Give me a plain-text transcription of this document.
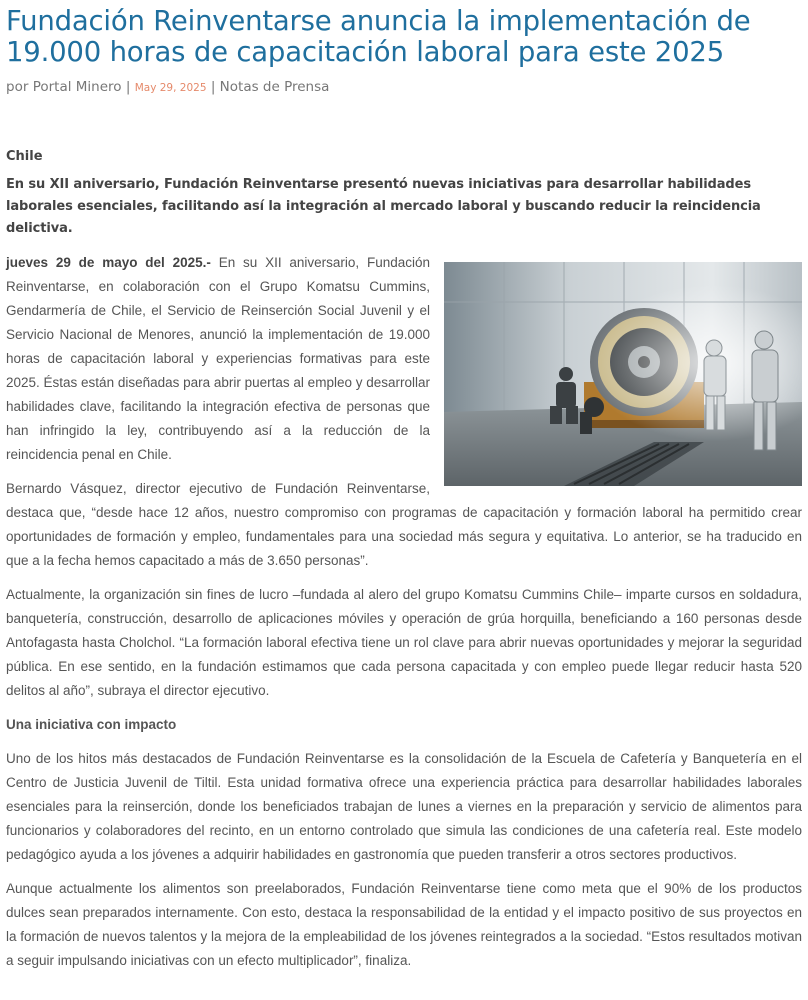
Fundación Reinventarse anuncia la implementación de 19.000 horas de capacitación laboral para este 2025
por Portal Minero | May 29, 2025 | Notas de Prensa
Chile
En su XII aniversario, Fundación Reinventarse presentó nuevas iniciativas para desarrollar habilidades laborales esenciales, facilitando así la integración al mercado laboral y buscando reducir la reincidencia delictiva.

jueves 29 de mayo del 2025.- En su XII aniversario, Fundación Reinventarse, en colaboración con el Grupo Komatsu Cummins, Gendarmería de Chile, el Servicio de Reinserción Social Juvenil y el Servicio Nacional de Menores, anunció la implementación de 19.000 horas de capacitación laboral y experiencias formativas para este 2025. Éstas están diseñadas para abrir puertas al empleo y desarrollar habilidades clave, facilitando la integración efectiva de personas que han infringido la ley, contribuyendo así a la reducción de la reincidencia penal en Chile.

Bernardo Vásquez, director ejecutivo de Fundación Reinventarse, destaca que, “desde hace 12 años, nuestro compromiso con programas de capacitación y formación laboral ha permitido crear oportunidades de formación y empleo, fundamentales para una sociedad más segura y equitativa. Lo anterior, se ha traducido en que a la fecha hemos capacitado a más de 3.650 personas”.

Actualmente, la organización sin fines de lucro –fundada al alero del grupo Komatsu Cummins Chile– imparte cursos en soldadura, banquetería, construcción, desarrollo de aplicaciones móviles y operación de grúa horquilla, beneficiando a 160 personas desde Antofagasta hasta Cholchol. “La formación laboral efectiva tiene un rol clave para abrir nuevas oportunidades y mejorar la seguridad pública. En ese sentido, en la fundación estimamos que cada persona capacitada y con empleo puede llegar reducir hasta 520 delitos al año”, subraya el director ejecutivo.

Una iniciativa con impacto

Uno de los hitos más destacados de Fundación Reinventarse es la consolidación de la Escuela de Cafetería y Banquetería en el Centro de Justicia Juvenil de Tiltil. Esta unidad formativa ofrece una experiencia práctica para desarrollar habilidades laborales esenciales para la reinserción, donde los beneficiados trabajan de lunes a viernes en la preparación y servicio de alimentos para funcionarios y colaboradores del recinto, en un entorno controlado que simula las condiciones de una cafetería real. Este modelo pedagógico ayuda a los jóvenes a adquirir habilidades en gastronomía que pueden transferir a otros sectores productivos.

Aunque actualmente los alimentos son preelaborados, Fundación Reinventarse tiene como meta que el 90% de los productos dulces sean preparados internamente. Con esto, destaca la responsabilidad de la entidad y el impacto positivo de sus proyectos en la formación de nuevos talentos y la mejora de la empleabilidad de los jóvenes reintegrados a la sociedad. “Estos resultados motivan a seguir impulsando iniciativas con un efecto multiplicador”, finaliza.
